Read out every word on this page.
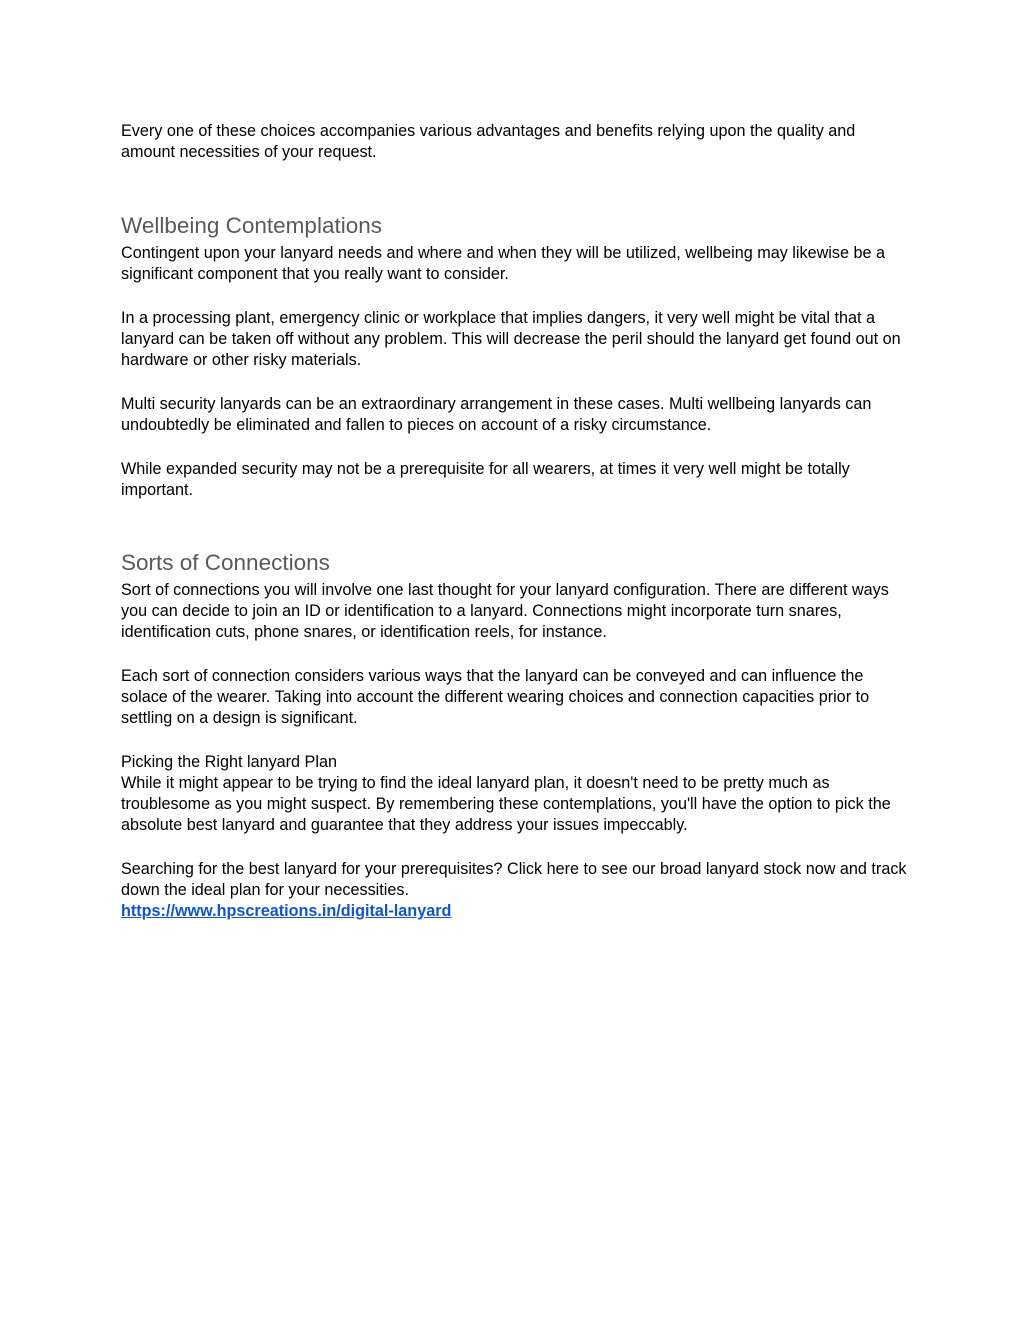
Every one of these choices accompanies various advantages and benefits relying upon the quality and amount necessities of your request.

Wellbeing Contemplations

Contingent upon your lanyard needs and where and when they will be utilized, wellbeing may likewise be a significant component that you really want to consider.

In a processing plant, emergency clinic or workplace that implies dangers, it very well might be vital that a lanyard can be taken off without any problem. This will decrease the peril should the lanyard get found out on hardware or other risky materials.

Multi security lanyards can be an extraordinary arrangement in these cases. Multi wellbeing lanyards can undoubtedly be eliminated and fallen to pieces on account of a risky circumstance.

While expanded security may not be a prerequisite for all wearers, at times it very well might be totally important.

Sorts of Connections

Sort of connections you will involve one last thought for your lanyard configuration. There are different ways you can decide to join an ID or identification to a lanyard. Connections might incorporate turn snares, identification cuts, phone snares, or identification reels, for instance.

Each sort of connection considers various ways that the lanyard can be conveyed and can influence the solace of the wearer. Taking into account the different wearing choices and connection capacities prior to settling on a design is significant.

Picking the Right lanyard Plan

While it might appear to be trying to find the ideal lanyard plan, it doesn't need to be pretty much as troublesome as you might suspect. By remembering these contemplations, you'll have the option to pick the absolute best lanyard and guarantee that they address your issues impeccably.

Searching for the best lanyard for your prerequisites? Click here to see our broad lanyard stock now and track down the ideal plan for your necessities.

https://www.hpscreations.in/digital-lanyard
